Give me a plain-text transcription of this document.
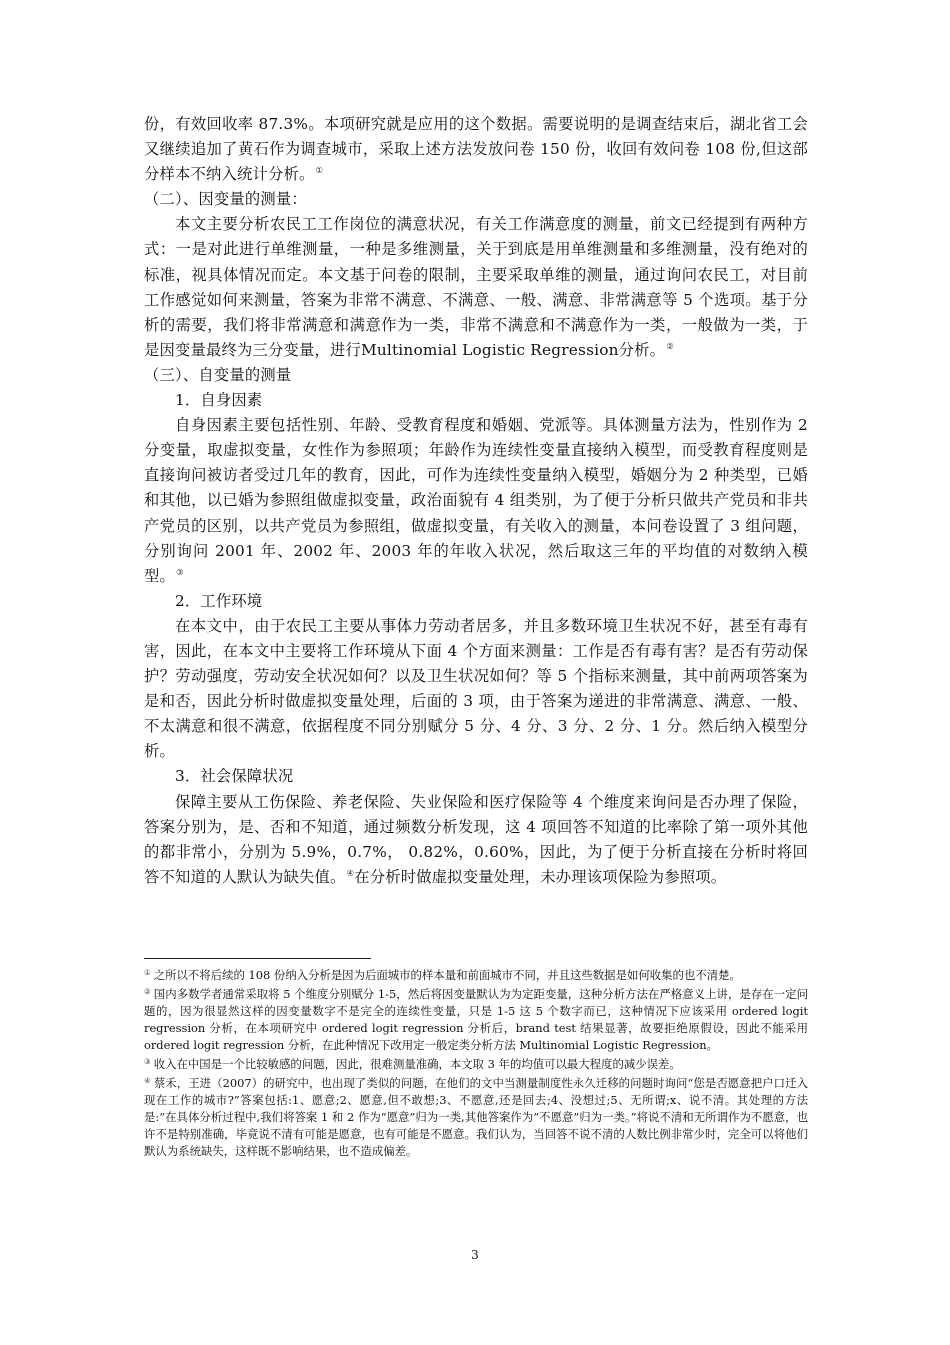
份，有效回收率 87.3%。本项研究就是应用的这个数据。需要说明的是调查结束后，湖北省工会又继续追加了黄石作为调查城市，采取上述方法发放问卷 150 份，收回有效问卷 108 份,但这部分样本不纳入统计分析。①

（二）、因变量的测量：

本文主要分析农民工工作岗位的满意状况，有关工作满意度的测量，前文已经提到有两种方式：一是对此进行单维测量，一种是多维测量，关于到底是用单维测量和多维测量，没有绝对的标准，视具体情况而定。本文基于问卷的限制，主要采取单维的测量，通过询问农民工，对目前工作感觉如何来测量，答案为非常不满意、不满意、一般、满意、非常满意等 5 个选项。基于分析的需要，我们将非常满意和满意作为一类，非常不满意和不满意作为一类，一般做为一类，于是因变量最终为三分变量，进行Multinomial Logistic Regression分析。②

（三）、自变量的测量

1．自身因素

自身因素主要包括性别、年龄、受教育程度和婚姻、党派等。具体测量方法为，性别作为 2 分变量，取虚拟变量，女性作为参照项；年龄作为连续性变量直接纳入模型，而受教育程度则是直接询问被访者受过几年的教育，因此，可作为连续性变量纳入模型，婚姻分为 2 种类型，已婚和其他，以已婚为参照组做虚拟变量，政治面貌有 4 组类别，为了便于分析只做共产党员和非共产党员的区别，以共产党员为参照组，做虚拟变量，有关收入的测量，本问卷设置了 3 组问题，分别询问 2001 年、2002 年、2003 年的年收入状况，然后取这三年的平均值的对数纳入模型。③

2．工作环境

在本文中，由于农民工主要从事体力劳动者居多，并且多数环境卫生状况不好，甚至有毒有害，因此，在本文中主要将工作环境从下面 4 个方面来测量：工作是否有毒有害？是否有劳动保护？劳动强度，劳动安全状况如何？以及卫生状况如何？等 5 个指标来测量，其中前两项答案为是和否，因此分析时做虚拟变量处理，后面的 3 项，由于答案为递进的非常满意、满意、一般、不太满意和很不满意，依据程度不同分别赋分 5 分、4 分、3 分、2 分、1 分。然后纳入模型分析。

3．社会保障状况

保障主要从工伤保险、养老保险、失业保险和医疗保险等 4 个维度来询问是否办理了保险，答案分别为，是、否和不知道，通过频数分析发现，这 4 项回答不知道的比率除了第一项外其他的都非常小，分别为 5.9%，0.7%， 0.82%，0.60%，因此，为了便于分析直接在分析时将回答不知道的人默认为缺失值。④在分析时做虚拟变量处理，未办理该项保险为参照项。

① 之所以不将后续的 108 份纳入分析是因为后面城市的样本量和前面城市不同，并且这些数据是如何收集的也不清楚。

② 国内多数学者通常采取将 5 个维度分别赋分 1-5，然后将因变量默认为为定距变量，这种分析方法在严格意义上讲，是存在一定问题的，因为很显然这样的因变量数字不是完全的连续性变量，只是 1-5 这 5 个数字而已，这种情况下应该采用 ordered logit regression 分析，在本项研究中 ordered logit regression 分析后，brand test 结果显著，故要拒绝原假设，因此不能采用 ordered logit regression 分析，在此种情况下改用定一般定类分析方法 Multinomial Logistic Regression。

③ 收入在中国是一个比较敏感的问题，因此，很难测量准确，本文取 3 年的均值可以最大程度的减少误差。

④ 蔡禾，王进（2007）的研究中，也出现了类似的问题，在他们的文中当测量制度性永久迁移的问题时询问“您是否愿意把户口迁入现在工作的城市?”答案包括:1、愿意;2、愿意,但不敢想;3、不愿意,还是回去;4、没想过;5、无所谓;x、说不清。其处理的方法是:“在具体分析过程中,我们将答案 1 和 2 作为“愿意”归为一类,其他答案作为“不愿意”归为一类。”将说不清和无所谓作为不愿意，也许不是特别准确，毕竟说不清有可能是愿意，也有可能是不愿意。我们认为，当回答不说不清的人数比例非常少时，完全可以将他们默认为系统缺失，这样既不影响结果，也不造成偏差。

3
